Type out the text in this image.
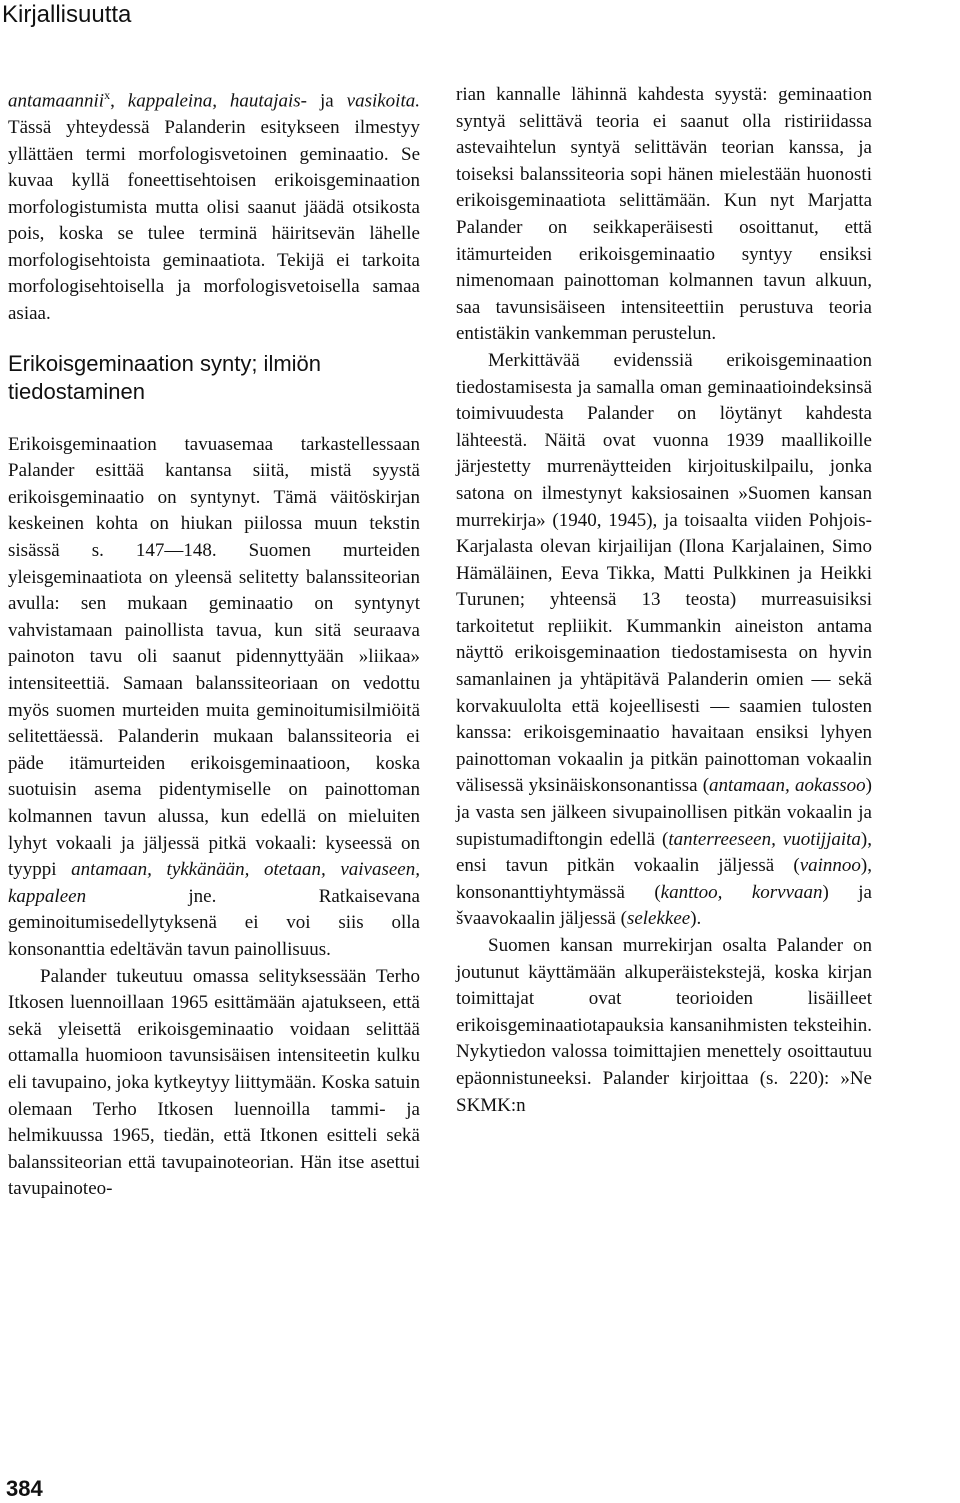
Kirjallisuutta

antamaannii$^x$, kappaleina, hautajais- ja vasikoita. Tässä yhteydessä Palanderin esitykseen ilmestyy yllättäen termi morfologisvetoinen geminaatio. Se kuvaa kyllä foneettisehtoisen erikoisgeminaation morfologistumista mutta olisi saanut jäädä otsikosta pois, koska se tulee terminä häiritsevän lähelle morfologisehtoista geminaatiota. Tekijä ei tarkoita morfologisehtoisella ja morfologisvetoisella samaa asiaa.

Erikoisgeminaation synty; ilmiön tiedostaminen

Erikoisgeminaation tavuasemaa tarkastellessaan Palander esittää kantansa siitä, mistä syystä erikoisgeminaatio on syntynyt. Tämä väitöskirjan keskeinen kohta on hiukan piilossa muun tekstin sisässä s. 147—148. Suomen murteiden yleisgeminaatiota on yleensä selitetty balanssiteorian avulla: sen mukaan geminaatio on syntynyt vahvistamaan painollista tavua, kun sitä seuraava painoton tavu oli saanut pidennyttyään »liikaa» intensiteettiä. Samaan balanssiteoriaan on vedottu myös suomen murteiden muita geminoitumisilmiöitä selitettäessä. Palanderin mukaan balanssiteoria ei päde itämurteiden erikoisgeminaatioon, koska suotuisin asema pidentymiselle on painottoman kolmannen tavun alussa, kun edellä on mieluiten lyhyt vokaali ja jäljessä pitkä vokaali: kyseessä on tyyppi antamaan, tykkänään, otetaan, vaivaseen, kappaleen jne. Ratkaisevana geminoitumisedellytyksenä ei voi siis olla konsonanttia edeltävän tavun painollisuus.

Palander tukeutuu omassa selityksessään Terho Itkosen luennoillaan 1965 esittämään ajatukseen, että sekä yleisettä erikoisgeminaatio voidaan selittää ottamalla huomioon tavunsisäisen intensiteetin kulku eli tavupaino, joka kytkeytyy liittymään. Koska satuin olemaan Terho Itkosen luennoilla tammi- ja helmikuussa 1965, tiedän, että Itkonen esitteli sekä balanssiteorian että tavupainoteorian. Hän itse asettui tavupainoteo-

rian kannalle lähinnä kahdesta syystä: geminaation syntyä selittävä teoria ei saanut olla ristiriidassa astevaihtelun syntyä selittävän teorian kanssa, ja toiseksi balanssiteoria sopi hänen mielestään huonosti erikoisgeminaatiota selittämään. Kun nyt Marjatta Palander on seikkaperäisesti osoittanut, että itämurteiden erikoisgeminaatio syntyy ensiksi nimenomaan painottoman kolmannen tavun alkuun, saa tavunsisäiseen intensiteettiin perustuva teoria entistäkin vankemman perustelun.

Merkittävää evidenssiä erikoisgeminaation tiedostamisesta ja samalla oman geminaatioindeksinsä toimivuudesta Palander on löytänyt kahdesta lähteestä. Näitä ovat vuonna 1939 maallikoille järjestetty murrenäytteiden kirjoituskilpailu, jonka satona on ilmestynyt kaksiosainen »Suomen kansan murrekirja» (1940, 1945), ja toisaalta viiden Pohjois-Karjalasta olevan kirjailijan (Ilona Karjalainen, Simo Hämäläinen, Eeva Tikka, Matti Pulkkinen ja Heikki Turunen; yhteensä 13 teosta) murreasuisiksi tarkoitetut repliikit. Kummankin aineiston antama näyttö erikoisgeminaation tiedostamisesta on hyvin samanlainen ja yhtäpitävä Palanderin omien — sekä korvakuulolta että kojeellisesti — saamien tulosten kanssa: erikoisgeminaatio havaitaan ensiksi lyhyen painottoman vokaalin ja pitkän painottoman vokaalin välisessä yksinäiskonsonantissa (antamaan, aokassoo) ja vasta sen jälkeen sivupainollisen pitkän vokaalin ja supistumadiftongin edellä (tanterreeseen, vuotijjaita), ensi tavun pitkän vokaalin jäljessä (vainnoo), konsonanttiyhtymässä (kanttoo, korvvaan) ja švaavokaalin jäljessä (selekkee).

Suomen kansan murrekirjan osalta Palander on joutunut käyttämään alkuperäistekstejä, koska kirjan toimittajat ovat teorioiden lisäilleet erikoisgeminaatiotapauksia kansanihmisten teksteihin. Nykytiedon valossa toimittajien menettely osoittautuu epäonnistuneeksi. Palander kirjoittaa (s. 220): »Ne SKMK:n

384
